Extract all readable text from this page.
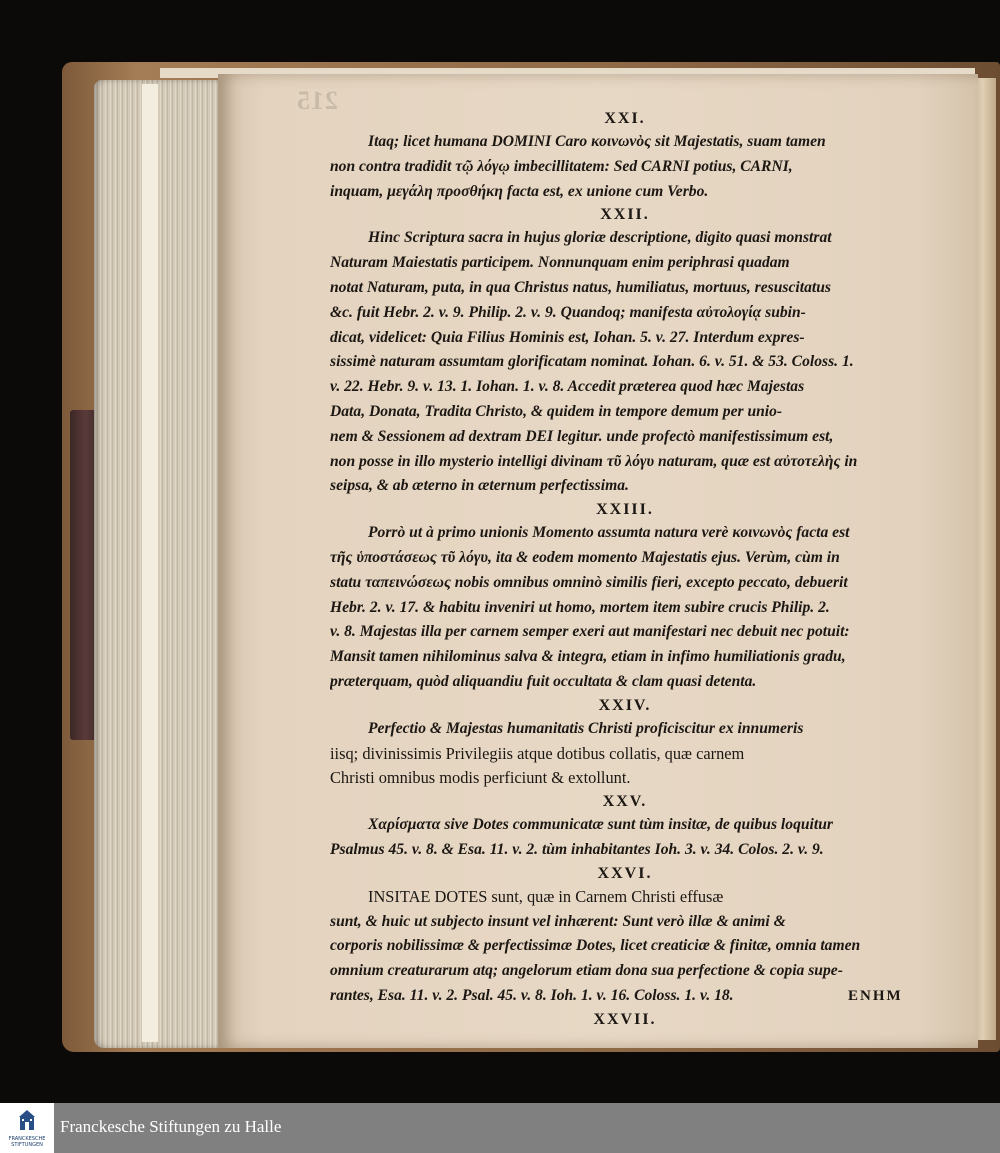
215
XXI.
Itaq; licet humana DOMINI Caro κοινωνὸς sit Majestatis, suam tamen
non contra tradidit τῷ λόγῳ imbecillitatem: Sed CARNI potius, CARNI,
inquam, μεγάλη προσθήκη facta est, ex unione cum Verbo.
XXII.
Hinc Scriptura sacra in hujus gloriæ descriptione, digito quasi monstrat
Naturam Maiestatis participem. Nonnunquam enim periphrasi quadam
notat Naturam, puta, in qua Christus natus, humiliatus, mortuus, resuscitatus
&c. fuit Hebr. 2. v. 9. Philip. 2. v. 9. Quandoq; manifesta αὐτολογίᾳ subin-
dicat, videlicet: Quia Filius Hominis est, Iohan. 5. v. 27. Interdum expres-
sissimè naturam assumtam glorificatam nominat. Iohan. 6. v. 51. & 53. Coloss. 1.
v. 22. Hebr. 9. v. 13. 1. Iohan. 1. v. 8. Accedit præterea quod hæc Majestas
Data, Donata, Tradita Christo, & quidem in tempore demum per unio-
nem & Sessionem ad dextram DEI legitur. unde profectò manifestissimum est,
non posse in illo mysterio intelligi divinam τῦ λόγυ naturam, quæ est αὐτοτελὴς in
seipsa, & ab æterno in æternum perfectissima.
XXIII.
Porrò ut à primo unionis Momento assumta natura verè κοινωνὸς facta est
τῆς ὑποστάσεως τῦ λόγυ, ita & eodem momento Majestatis ejus. Verùm, cùm in
statu ταπεινώσεως nobis omnibus omninò similis fieri, excepto peccato, debuerit
Hebr. 2. v. 17. & habitu inveniri ut homo, mortem item subire crucis Philip. 2.
v. 8. Majestas illa per carnem semper exeri aut manifestari nec debuit nec potuit:
Mansit tamen nihilominus salva & integra, etiam in infimo humiliationis gradu,
præterquam, quòd aliquandiu fuit occultata & clam quasi detenta.
XXIV.
Perfectio & Majestas humanitatis Christi proficiscitur ex innumeris
iisq; divinissimis Privilegiis atque dotibus collatis, quæ carnem
Christi omnibus modis perficiunt & extollunt.
XXV.
Χαρίσματα sive Dotes communicatæ sunt tùm insitæ, de quibus loquitur
Psalmus 45. v. 8. & Esa. 11. v. 2. tùm inhabitantes Ioh. 3. v. 34. Colos. 2. v. 9.
XXVI.
INSITAE DOTES sunt, quæ in Carnem Christi effusæ
sunt, & huic ut subjecto insunt vel inhærent: Sunt verò illæ & animi &
corporis nobilissimæ & perfectissimæ Dotes, licet creaticiæ & finitæ, omnia tamen
omnium creaturarum atq; angelorum etiam dona sua perfectione & copia supe-
rantes, Esa. 11. v. 2. Psal. 45. v. 8. Ioh. 1. v. 16. Coloss. 1. v. 18.
XXVII.
ENHM
FRANCKESCHE STIFTUNGEN
Franckesche Stiftungen zu Halle
